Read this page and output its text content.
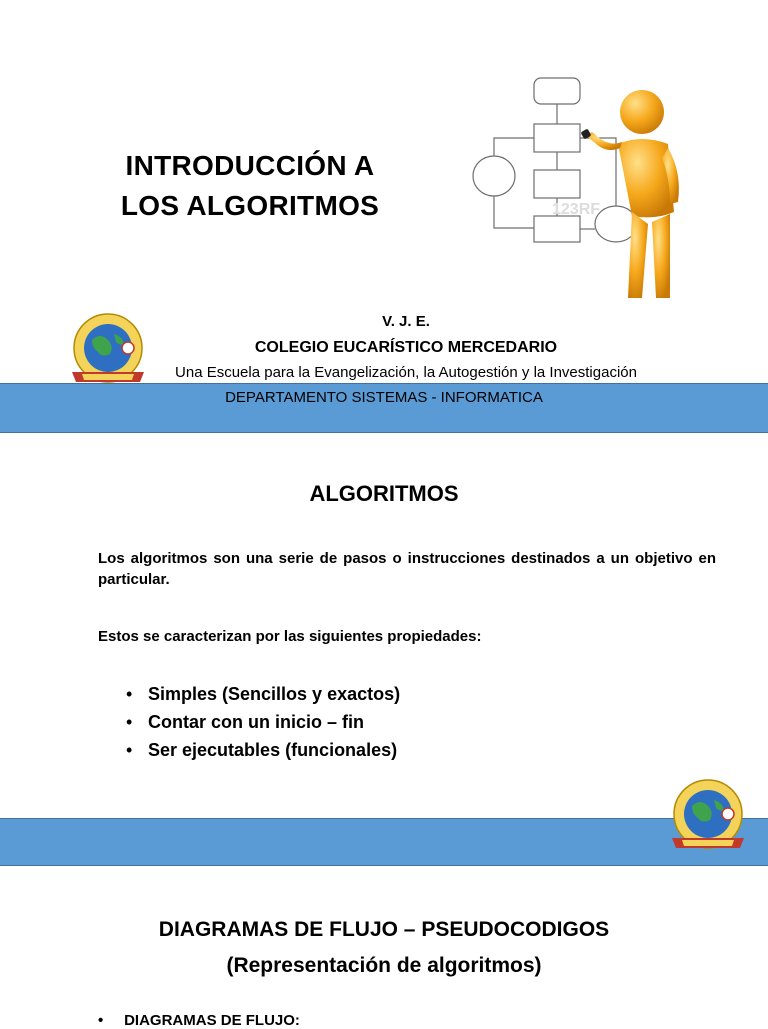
INTRODUCCIÓN A
LOS ALGORITMOS	123RF
V. J. E.
COLEGIO EUCARÍSTICO MERCEDARIO
Una Escuela para la Evangelización, la Autogestión y la Investigación
DEPARTAMENTO SISTEMAS - INFORMATICA
ALGORITMOS
Los algoritmos son una serie de pasos o instrucciones destinados a un objetivo en particular.
Estos se caracterizan por las siguientes propiedades:
• Simples (Sencillos y exactos)
• Contar con un inicio – fin
• Ser ejecutables (funcionales)
DIAGRAMAS DE FLUJO – PSEUDOCODIGOS
(Representación de algoritmos)
•     DIAGRAMAS DE FLUJO:
